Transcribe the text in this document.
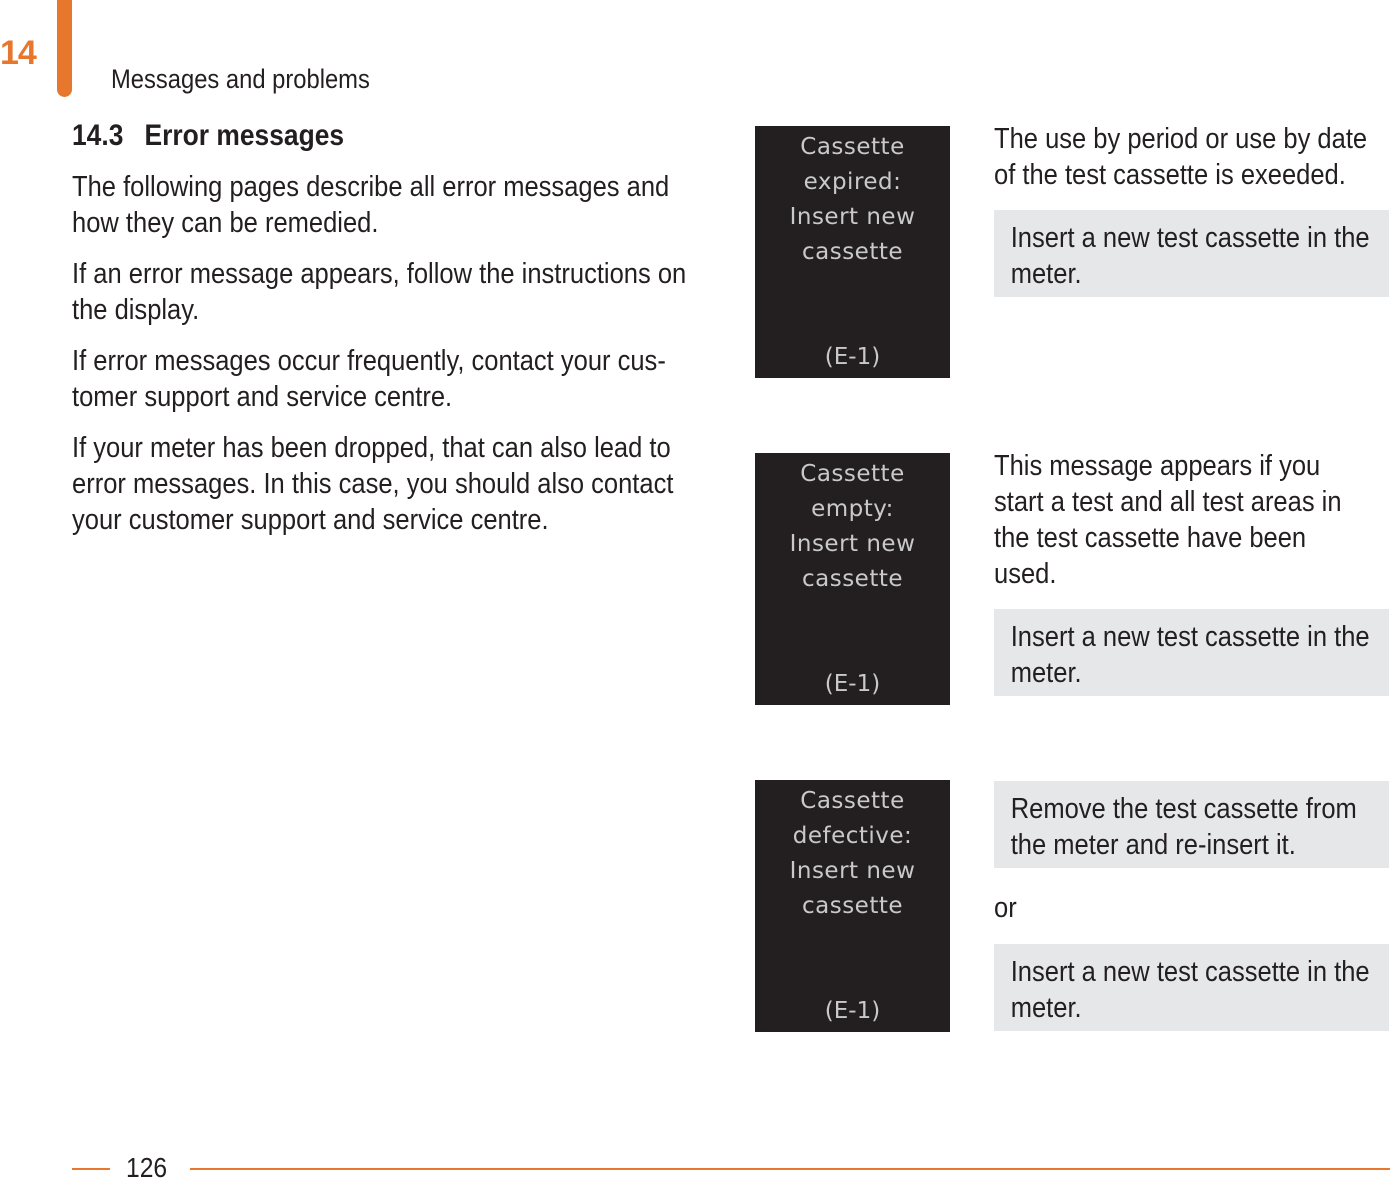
14
Messages and problems
14.3 Error messages

The following pages describe all error messages and how they can be remedied.

If an error message appears, follow the instructions on the display.

If error messages occur frequently, contact your cus-tomer support and service centre.

If your meter has been dropped, that can also lead to error messages. In this case, you should also contact your customer support and service centre.

Cassette
expired:
Insert new
cassette
(E-1)

The use by period or use by date of the test cassette is exeeded.

Insert a new test cassette in the meter.
Cassette
empty:
Insert new
cassette
(E-1)

This message appears if you start a test and all test areas in the test cassette have been used.

Insert a new test cassette in the meter.
Cassette
defective:
Insert new
cassette
(E-1)
Remove the test cassette from the meter and re-insert it.
or
Insert a new test cassette in the meter.
126
